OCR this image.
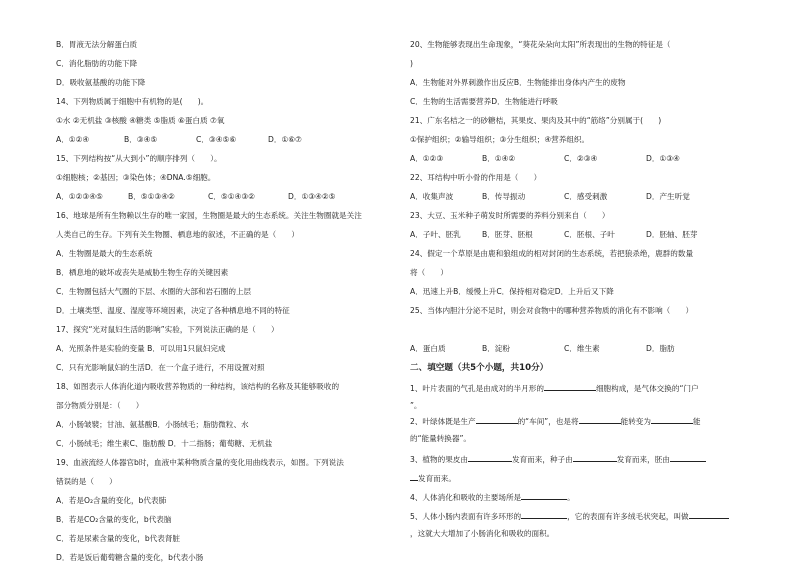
B．胃液无法分解蛋白质
C．消化脂肪的功能下降
D．吸收氨基酸的功能下降
14、下列物质属于细胞中有机物的是(　　)。
①水 ②无机盐 ③核酸 ④糖类 ⑤脂质 ⑥蛋白质 ⑦氧
A．①②④	B．③④⑤	C．③④⑤⑥	D．①⑥⑦
15、下列结构按“从大到小”的顺序排列（　　）。
①细胞核；②基因；③染色体；④DNA.⑤细胞。
A．①②③④⑤	B．⑤①③④②	C．⑤①④③②	D．①③④②⑤
16、地球是所有生物赖以生存的唯一家园，生物圈是最大的生态系统。关注生物圈就是关注
人类自己的生存。下列有关生物圈、栖息地的叙述，不正确的是（　　）
A．生物圈是最大的生态系统
B．栖息地的破坏或丧失是威胁生物生存的关键因素
C．生物圈包括大气圈的下层、水圈的大部和岩石圈的上层
D．土壤类型、温度、湿度等环境因素，决定了各种栖息地不同的特征
17、探究“光对鼠妇生活的影响”实验，下列说法正确的是（　　）
A．光照条件是实验的变量 B．可以用1只鼠妇完成
C．只有光影响鼠妇的生活D．在一个盒子进行，不用设置对照
18、如图表示人体消化道内吸收营养物质的一种结构，该结构的名称及其能够吸收的
部分物质分别是：（　　）
A．小肠皱襞；甘油、氨基酸B．小肠绒毛；脂肪微粒、水
C．小肠绒毛；维生素C、脂肪酸 D．十二指肠；葡萄糖、无机盐
19、血液流经人体器官b时，血液中某种物质含量的变化用曲线表示，如图。下列说法
错误的是（　　）
A．若是O₂含量的变化，b代表肺
B．若是CO₂含量的变化，b代表脑
C．若是尿素含量的变化，b代表肾脏
D．若是饭后葡萄糖含量的变化，b代表小肠
20、生物能够表现出生命现象，“葵花朵朵向太阳”所表现出的生物的特征是（
)
A．生物能对外界刺激作出反应B．生物能排出身体内产生的废物
C．生物的生活需要营养D．生物能进行呼吸
21、广东名桔之一的砂糖桔，其果皮、果肉及其中的“筋络”分别属于(　　)
①保护组织；②输导组织；③分生组织；④营养组织。
A．①②③	B．①④②	C．②③④	D．①③④
22、耳结构中听小骨的作用是（　　）
A．收集声波	B．传导振动	C．感受刺激	D．产生听觉
23、大豆、玉米种子萌发时所需要的养料分别来自（　　）
A．子叶、胚乳	B．胚芽、胚根	C．胚根、子叶	D．胚轴、胚芽
24、假定一个草原是由鹿和狼组成的相对封闭的生态系统，若把狼杀绝，鹿群的数量
将（　　）
A．迅速上升B．缓慢上升C．保持相对稳定D．上升后又下降
25、当体内胆汁分泌不足时，则会对食物中的哪种营养物质的消化有不影响（　　）
A．蛋白质	B．淀粉	C．维生素	D．脂肪
二、填空题（共5个小题，共10分）
1、叶片表面的气孔是由成对的半月形的	细胞构成，是气体交换的“门户
”。
2、叶绿体既是生产	的“车间”，也是将	能转变为	能
的“能量转换器”。
3、植物的果皮由	发育而来，种子由	发育而来，胚由
发育而来。
4、人体消化和吸收的主要场所是	。
5、人体小肠内表面有许多环形的	，它的表面有许多绒毛状突起，叫做
，这就大大增加了小肠消化和吸收的面积。
